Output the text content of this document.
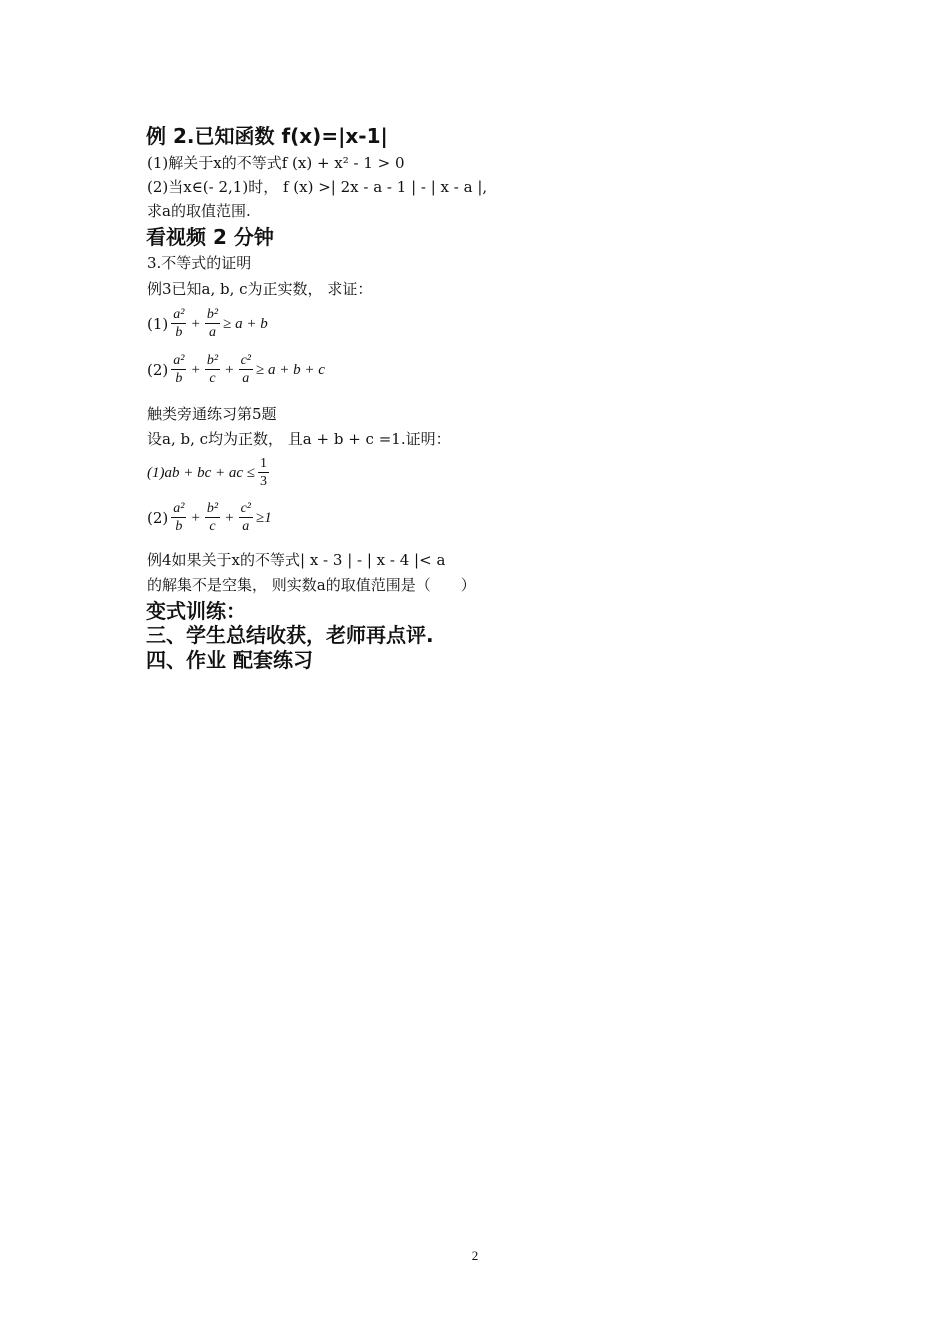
例 2.已知函数 f(x)=|x-1|
(1)解关于x的不等式f (x) + x² - 1 > 0
(2)当x∈(- 2,1)时， f (x) >| 2x - a - 1 | - | x - a |,
求a的取值范围.
看视频 2 分钟
3.不等式的证明
例3已知a, b, c为正实数， 求证：
$(1) \frac{\text{a²}}{b} + \frac{\text{b²}}{a} \ge a + b$
$(2) \frac{\text{a²}}{b} + \frac{\text{b²}}{c} + \frac{\text{c²}}{a} \ge a + b + c$
触类旁通练习第5题
设a, b, c均为正数， 且a + b + c =1.证明：
(1)ab + bc + ac ≤ $\frac{1}{3}$
$(2) \frac{\text{a²}}{b} + \frac{\text{b²}}{c} + \frac{\text{c²}}{a} \ge 1$
例4如果关于x的不等式| x - 3 | - | x - 4 |< a
的解集不是空集， 则实数a的取值范围是（　　）
变式训练：
三、学生总结收获，老师再点评.
四、作业 配套练习
2
